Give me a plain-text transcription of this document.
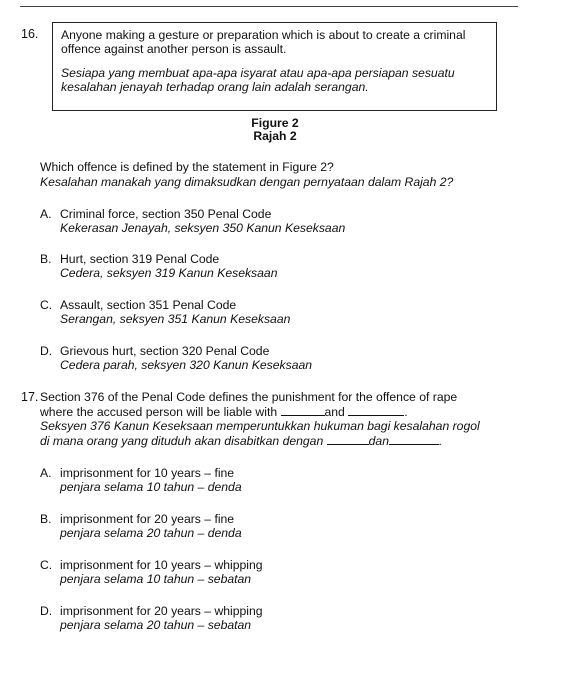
16. Anyone making a gesture or preparation which is about to create a criminal offence against another person is assault.

Sesiapa yang membuat apa-apa isyarat atau apa-apa persiapan sesuatu kesalahan jenayah terhadap orang lain adalah serangan.

Figure 2
Rajah 2
Which offence is defined by the statement in Figure 2?
Kesalahan manakah yang dimaksudkan dengan pernyataan dalam Rajah 2?
A. Criminal force, section 350 Penal Code
Kekerasan Jenayah, seksyen 350 Kanun Keseksaan
B. Hurt, section 319 Penal Code
Cedera, seksyen 319 Kanun Keseksaan
C. Assault, section 351 Penal Code
Serangan, seksyen 351 Kanun Keseksaan
D. Grievous hurt, section 320 Penal Code
Cedera parah, seksyen 320 Kanun Keseksaan
17. Section 376 of the Penal Code defines the punishment for the offence of rape
where the accused person will be liable with	and	.
Seksyen 376 Kanun Keseksaan memperuntukkan hukuman bagi kesalahan rogol
di mana orang yang dituduh akan disabitkan dengan	dan	.
A. imprisonment for 10 years – fine
penjara selama 10 tahun – denda
B. imprisonment for 20 years – fine
penjara selama 20 tahun – denda
C. imprisonment for 10 years – whipping
penjara selama 10 tahun – sebatan
D. imprisonment for 20 years – whipping
penjara selama 20 tahun – sebatan
